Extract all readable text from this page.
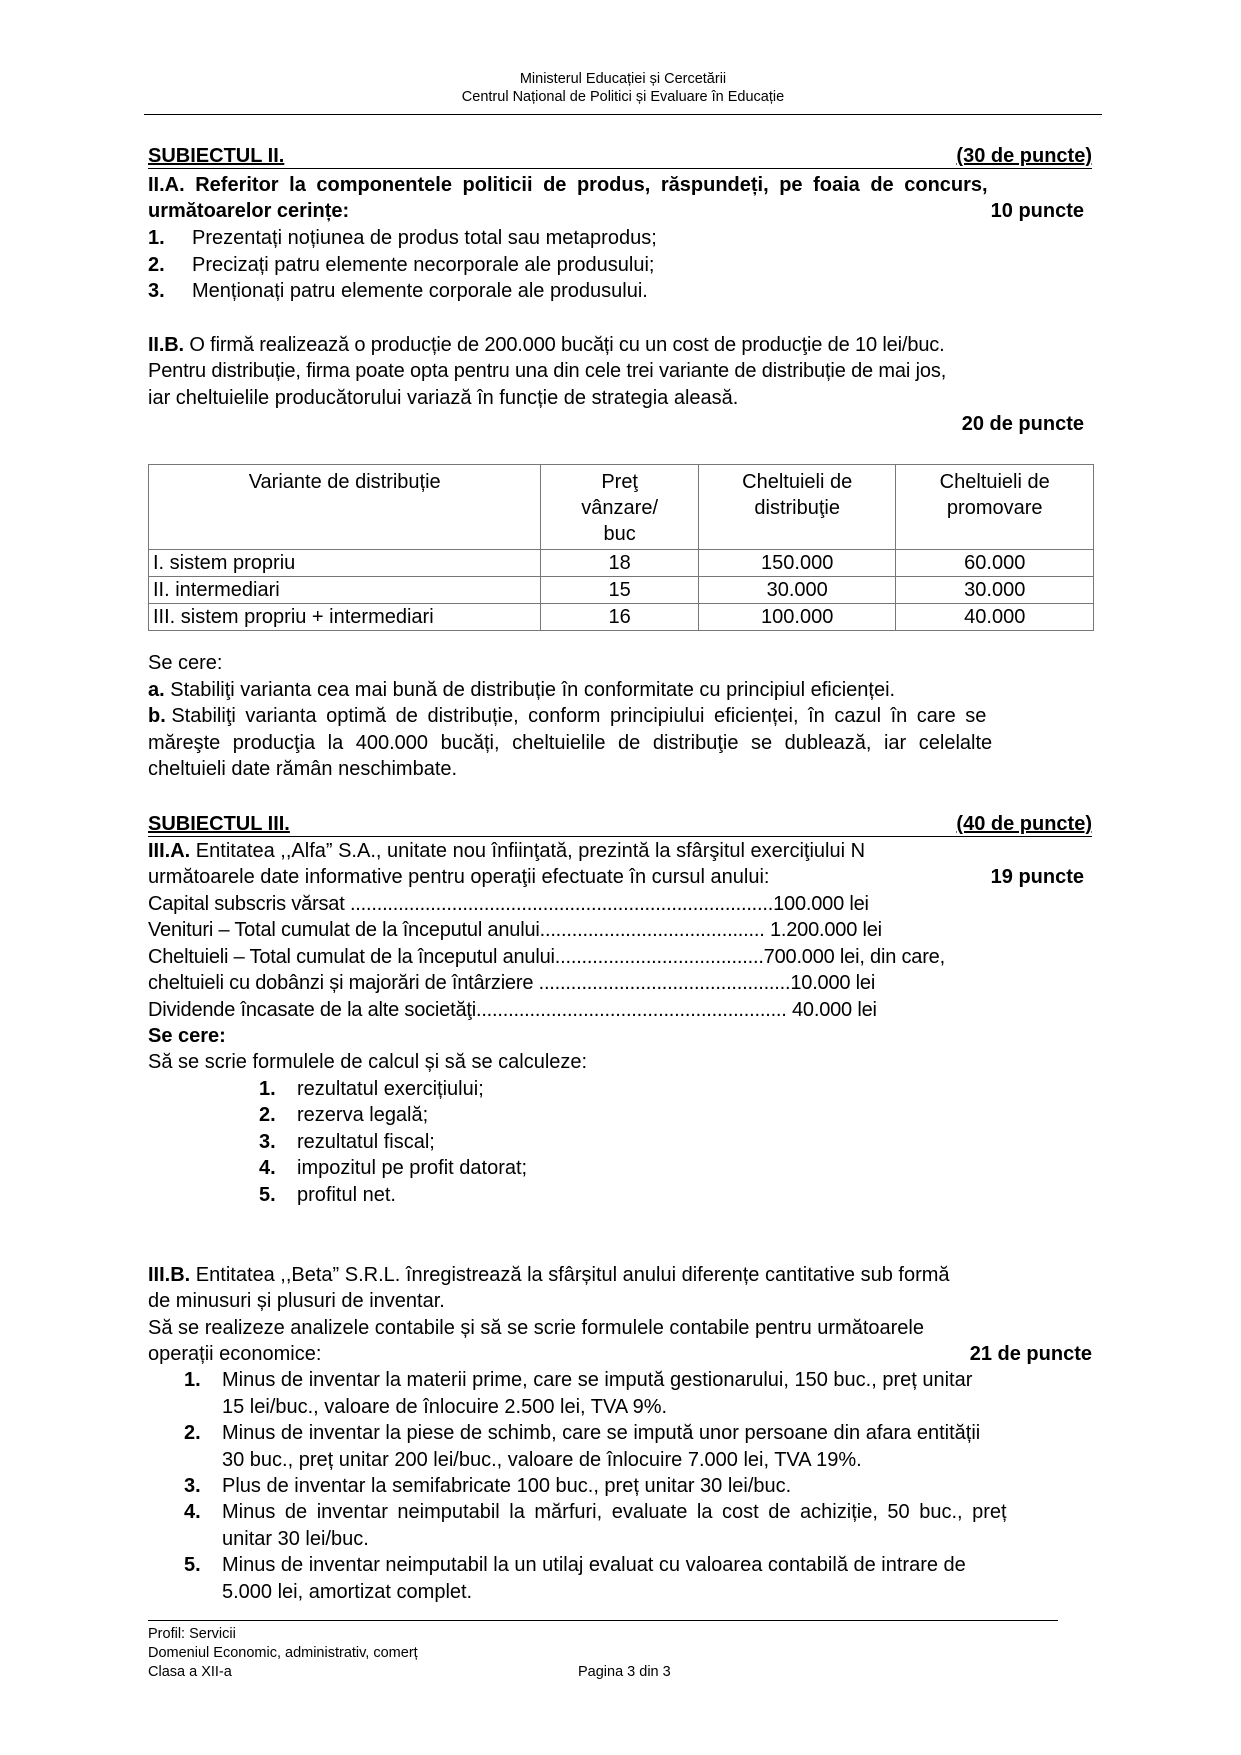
Ministerul Educației și Cercetării
Centrul Național de Politici și Evaluare în Educație
SUBIECTUL II.	(30 de puncte)
II.A. Referitor la componentele politicii de produs, răspundeți, pe foaia de concurs,
următoarelor cerințe:	10 puncte
1. Prezentați noțiunea de produs total sau metaprodus;
2. Precizați patru elemente necorporale ale produsului;
3. Menționați patru elemente corporale ale produsului.
II.B. O firmă realizează o producție de 200.000 bucăți cu un cost de producţie de 10 lei/buc.
Pentru distribuție, firma poate opta pentru una din cele trei variante de distribuție de mai jos,
iar cheltuielile producătorului variază în funcție de strategia aleasă.
20 de puncte
Variante de distribuție	Preţ vânzare/ buc	Cheltuieli de distribuţie	Cheltuieli de promovare

I. sistem propriu	18	150.000	60.000
II. intermediari	15	30.000	30.000
III. sistem propriu + intermediari	16	100.000	40.000
Se cere:
a. Stabiliţi varianta cea mai bună de distribuție în conformitate cu principiul eficienței.
b. Stabiliţi varianta optimă de distribuție, conform principiului eficienței, în cazul în care se
măreşte producţia la 400.000 bucăți, cheltuielile de distribuţie se dublează, iar celelalte
cheltuieli date rămân neschimbate.
SUBIECTUL III.	(40 de puncte)
III.A. Entitatea ,,Alfa” S.A., unitate nou înfiinţată, prezintă la sfârşitul exerciţiului N
următoarele date informative pentru operaţii efectuate în cursul anului:	19 puncte
Capital subscris vărsat ...............................................................................100.000 lei
Venituri – Total cumulat de la începutul anului.......................................... 1.200.000 lei
Cheltuieli – Total cumulat de la începutul anului.......................................700.000 lei, din care,
cheltuieli cu dobânzi și majorări de întârziere ...............................................10.000 lei
Dividende încasate de la alte societăţi.......................................................... 40.000 lei
Se cere:
Să se scrie formulele de calcul și să se calculeze:
1. rezultatul exercițiului;
2. rezerva legală;
3. rezultatul fiscal;
4. impozitul pe profit datorat;
5. profitul net.
III.B. Entitatea ,,Beta” S.R.L. înregistrează la sfârșitul anului diferențe cantitative sub formă
de minusuri și plusuri de inventar.
Să se realizeze analizele contabile și să se scrie formulele contabile pentru următoarele
operații economice:	21 de puncte
1. Minus de inventar la materii prime, care se impută gestionarului, 150 buc., preț unitar
15 lei/buc., valoare de înlocuire 2.500 lei, TVA 9%.
2. Minus de inventar la piese de schimb, care se impută unor persoane din afara entității
30 buc., preț unitar 200 lei/buc., valoare de înlocuire 7.000 lei, TVA 19%.
3. Plus de inventar la semifabricate 100 buc., preț unitar 30 lei/buc.
4. Minus de inventar neimputabil la mărfuri, evaluate la cost de achiziție, 50 buc., preț
unitar 30 lei/buc.
5. Minus de inventar neimputabil la un utilaj evaluat cu valoarea contabilă de intrare de
5.000 lei, amortizat complet.
Profil: Servicii
Domeniul Economic, administrativ, comerț
Clasa a XII-a	Pagina 3 din 3
